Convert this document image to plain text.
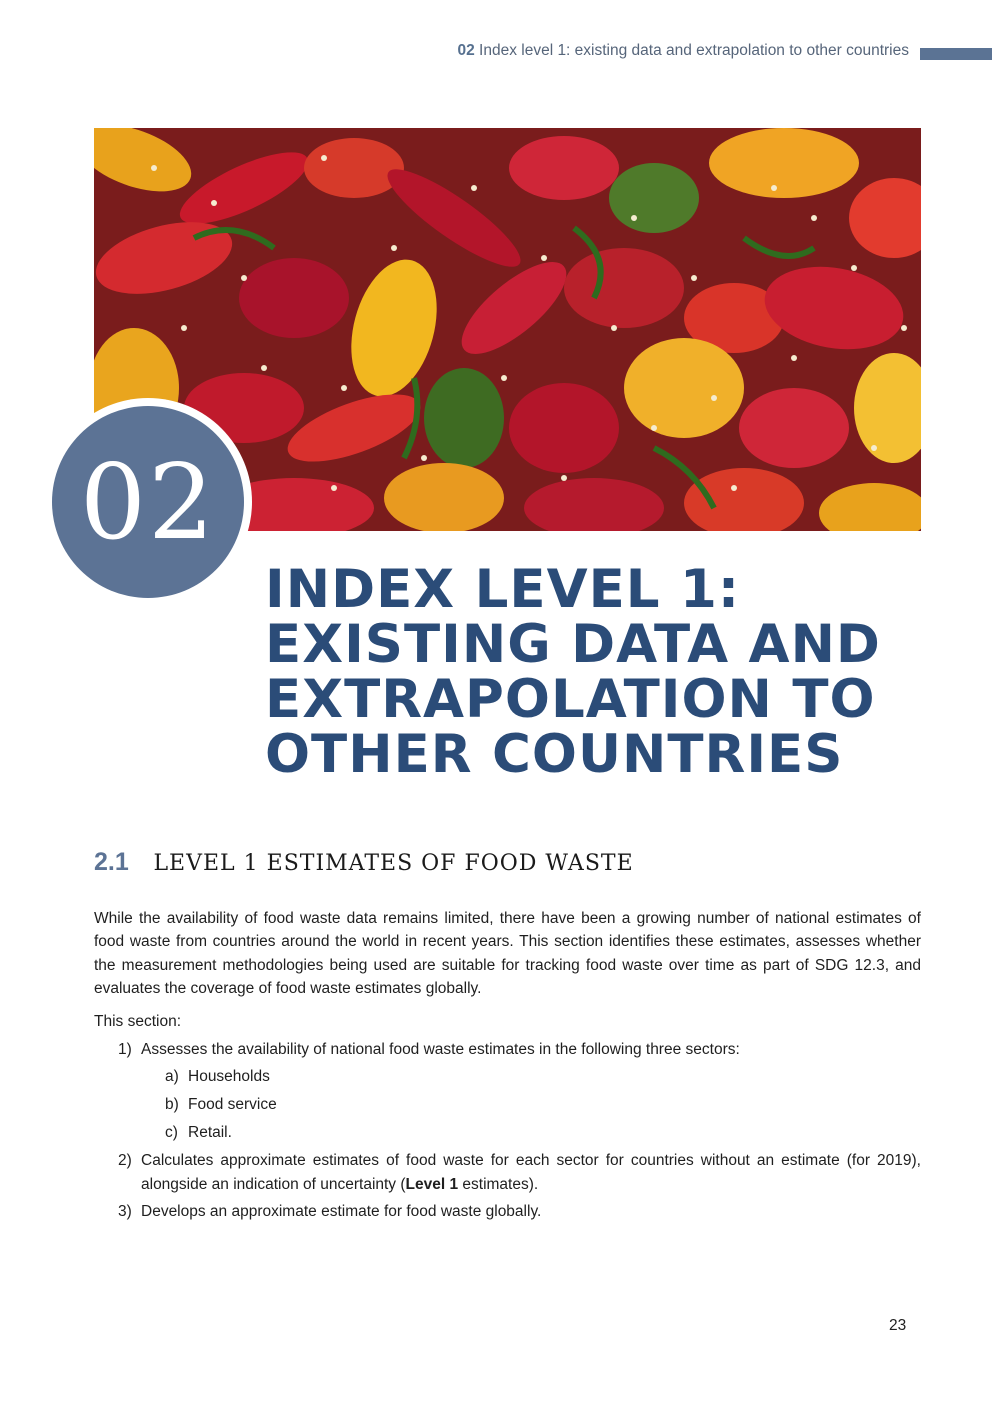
02 Index level 1: existing data and extrapolation to other countries
02
INDEX LEVEL 1:
EXISTING DATA AND
EXTRAPOLATION TO
OTHER COUNTRIES
2.1 LEVEL 1 ESTIMATES OF FOOD WASTE

While the availability of food waste data remains limited, there have been a growing number of national estimates of food waste from countries around the world in recent years. This section identifies these estimates, assesses whether the measurement methodologies being used are suitable for tracking food waste over time as part of SDG 12.3, and evaluates the coverage of food waste estimates globally.

This section:

1) Assesses the availability of national food waste estimates in the following three sectors:
a) Households
b) Food service
c) Retail.
2) Calculates approximate estimates of food waste for each sector for countries without an estimate (for 2019), alongside an indication of uncertainty (Level 1 estimates).
3) Develops an approximate estimate for food waste globally.
23
